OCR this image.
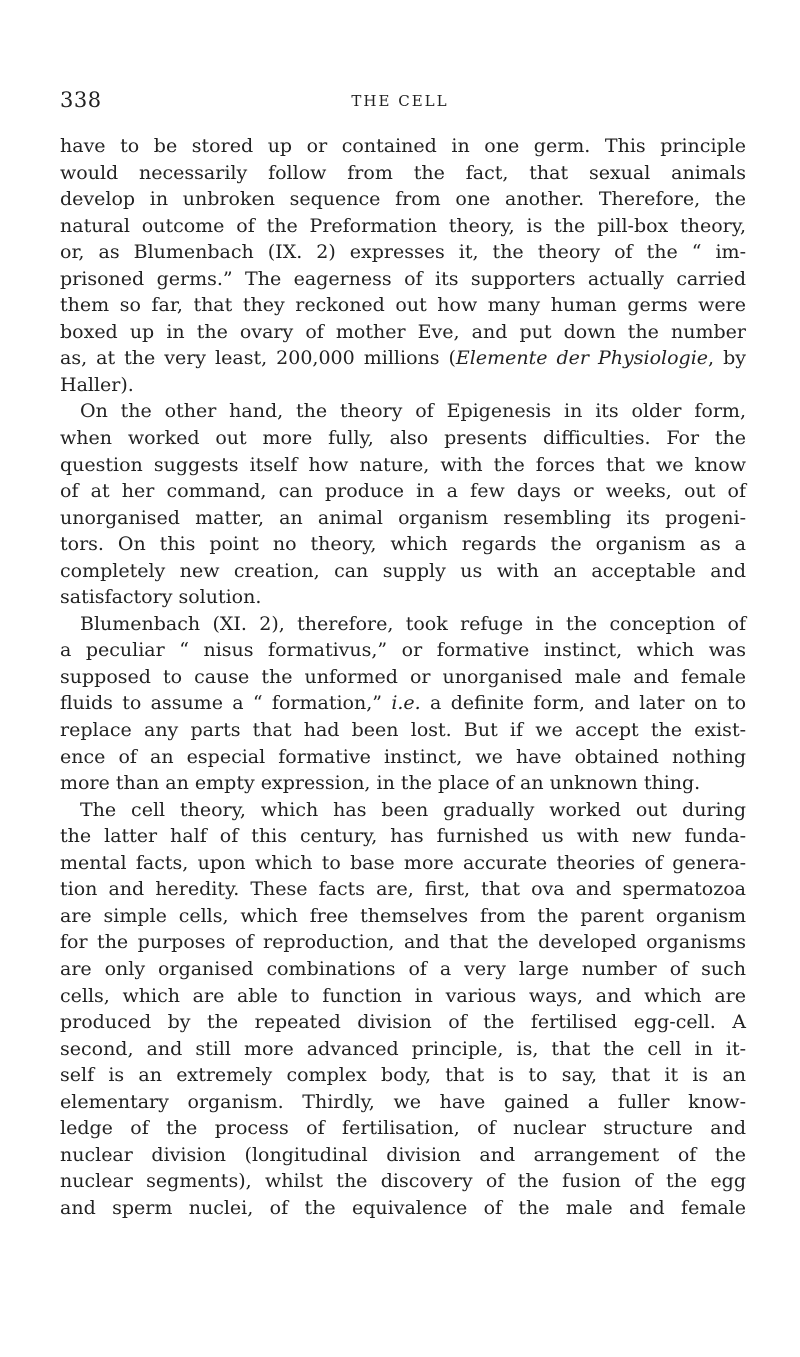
338	THE CELL
have to be stored up or contained in one germ. This principle
would necessarily follow from the fact, that sexual animals
develop in unbroken sequence from one another. Therefore, the
natural outcome of the Preformation theory, is the pill-box theory,
or, as Blumenbach (IX. 2) expresses it, the theory of the “ im-
prisoned germs.” The eagerness of its supporters actually carried
them so far, that they reckoned out how many human germs were
boxed up in the ovary of mother Eve, and put down the number
as, at the very least, 200,000 millions (Elemente der Physiologie, by
Haller).
On the other hand, the theory of Epigenesis in its older form,
when worked out more fully, also presents difficulties. For the
question suggests itself how nature, with the forces that we know
of at her command, can produce in a few days or weeks, out of
unorganised matter, an animal organism resembling its progeni-
tors. On this point no theory, which regards the organism as a
completely new creation, can supply us with an acceptable and
satisfactory solution.
Blumenbach (XI. 2), therefore, took refuge in the conception of
a peculiar “ nisus formativus,” or formative instinct, which was
supposed to cause the unformed or unorganised male and female
fluids to assume a “ formation,” i.e. a definite form, and later on to
replace any parts that had been lost. But if we accept the exist-
ence of an especial formative instinct, we have obtained nothing
more than an empty expression, in the place of an unknown thing.
The cell theory, which has been gradually worked out during
the latter half of this century, has furnished us with new funda-
mental facts, upon which to base more accurate theories of genera-
tion and heredity. These facts are, first, that ova and spermatozoa
are simple cells, which free themselves from the parent organism
for the purposes of reproduction, and that the developed organisms
are only organised combinations of a very large number of such
cells, which are able to function in various ways, and which are
produced by the repeated division of the fertilised egg-cell. A
second, and still more advanced principle, is, that the cell in it-
self is an extremely complex body, that is to say, that it is an
elementary organism. Thirdly, we have gained a fuller know-
ledge of the process of fertilisation, of nuclear structure and
nuclear division (longitudinal division and arrangement of the
nuclear segments), whilst the discovery of the fusion of the egg
and sperm nuclei, of the equivalence of the male and female
